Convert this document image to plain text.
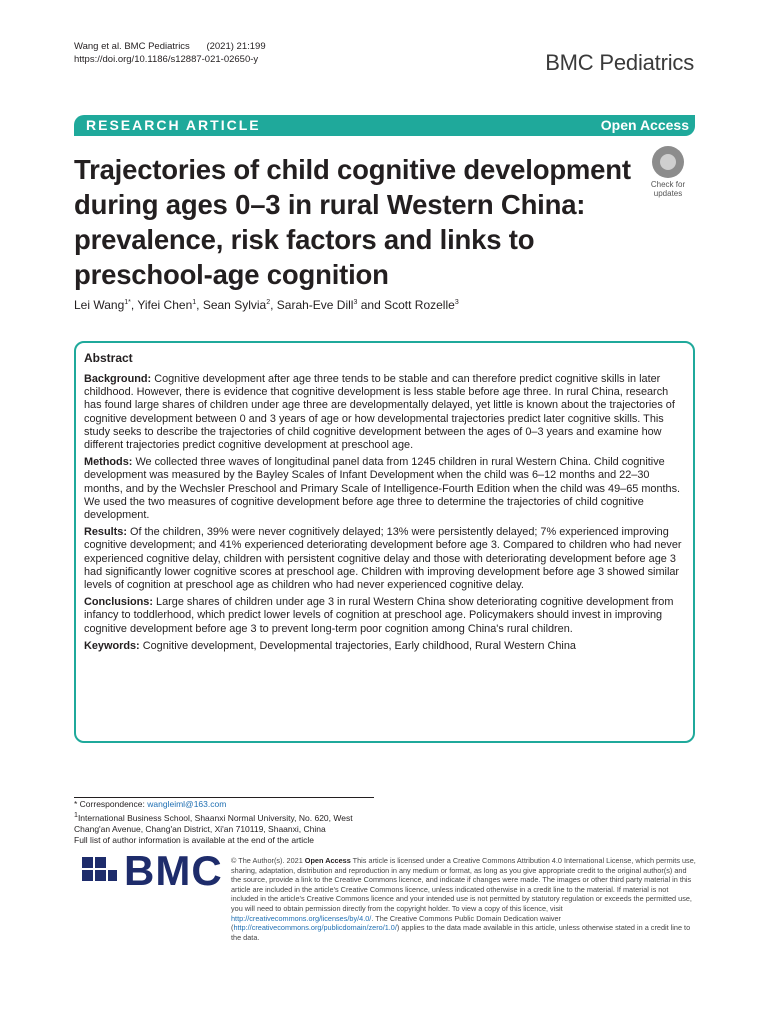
Wang et al. BMC Pediatrics (2021) 21:199
https://doi.org/10.1186/s12887-021-02650-y	BMC Pediatrics
RESEARCH ARTICLE	Open Access
Trajectories of child cognitive development during ages 0–3 in rural Western China: prevalence, risk factors and links to preschool-age cognition
Check for
updates
Lei Wang$^{1*}$, Yifei Chen$^1$, Sean Sylvia$^2$, Sarah-Eve Dill$^3$ and Scott Rozelle$^3$
Abstract

Background: Cognitive development after age three tends to be stable and can therefore predict cognitive skills in later childhood. However, there is evidence that cognitive development is less stable before age three. In rural China, research has found large shares of children under age three are developmentally delayed, yet little is known about the trajectories of cognitive development between 0 and 3 years of age or how developmental trajectories predict later cognitive skills. This study seeks to describe the trajectories of child cognitive development between the ages of 0–3 years and examine how different trajectories predict cognitive development at preschool age.

Methods: We collected three waves of longitudinal panel data from 1245 children in rural Western China. Child cognitive development was measured by the Bayley Scales of Infant Development when the child was 6–12 months and 22–30 months, and by the Wechsler Preschool and Primary Scale of Intelligence-Fourth Edition when the child was 49–65 months. We used the two measures of cognitive development before age three to determine the trajectories of child cognitive development.

Results: Of the children, 39% were never cognitively delayed; 13% were persistently delayed; 7% experienced improving cognitive development; and 41% experienced deteriorating development before age 3. Compared to children who had never experienced cognitive delay, children with persistent cognitive delay and those with deteriorating development before age 3 had significantly lower cognitive scores at preschool age. Children with improving development before age 3 showed similar levels of cognition at preschool age as children who had never experienced cognitive delay.

Conclusions: Large shares of children under age 3 in rural Western China show deteriorating cognitive development from infancy to toddlerhood, which predict lower levels of cognition at preschool age. Policymakers should invest in improving cognitive development before age 3 to prevent long-term poor cognition among China's rural children.

Keywords: Cognitive development, Developmental trajectories, Early childhood, Rural Western China

* Correspondence: wangleiml@163.com
$^1$International Business School, Shaanxi Normal University, No. 620, West Chang'an Avenue, Chang'an District, Xi'an 710119, Shaanxi, China
Full list of author information is available at the end of the article
BMC © The Author(s). 2021 Open Access This article is licensed under a Creative Commons Attribution 4.0 International License, which permits use, sharing, adaptation, distribution and reproduction in any medium or format, as long as you give appropriate credit to the original author(s) and the source, provide a link to the Creative Commons licence, and indicate if changes were made. The images or other third party material in this article are included in the article's Creative Commons licence, unless indicated otherwise in a credit line to the material. If material is not included in the article's Creative Commons licence and your intended use is not permitted by statutory regulation or exceeds the permitted use, you will need to obtain permission directly from the copyright holder. To view a copy of this licence, visit http://creativecommons.org/licenses/by/4.0/. The Creative Commons Public Domain Dedication waiver (http://creativecommons.org/publicdomain/zero/1.0/) applies to the data made available in this article, unless otherwise stated in a credit line to the data.
